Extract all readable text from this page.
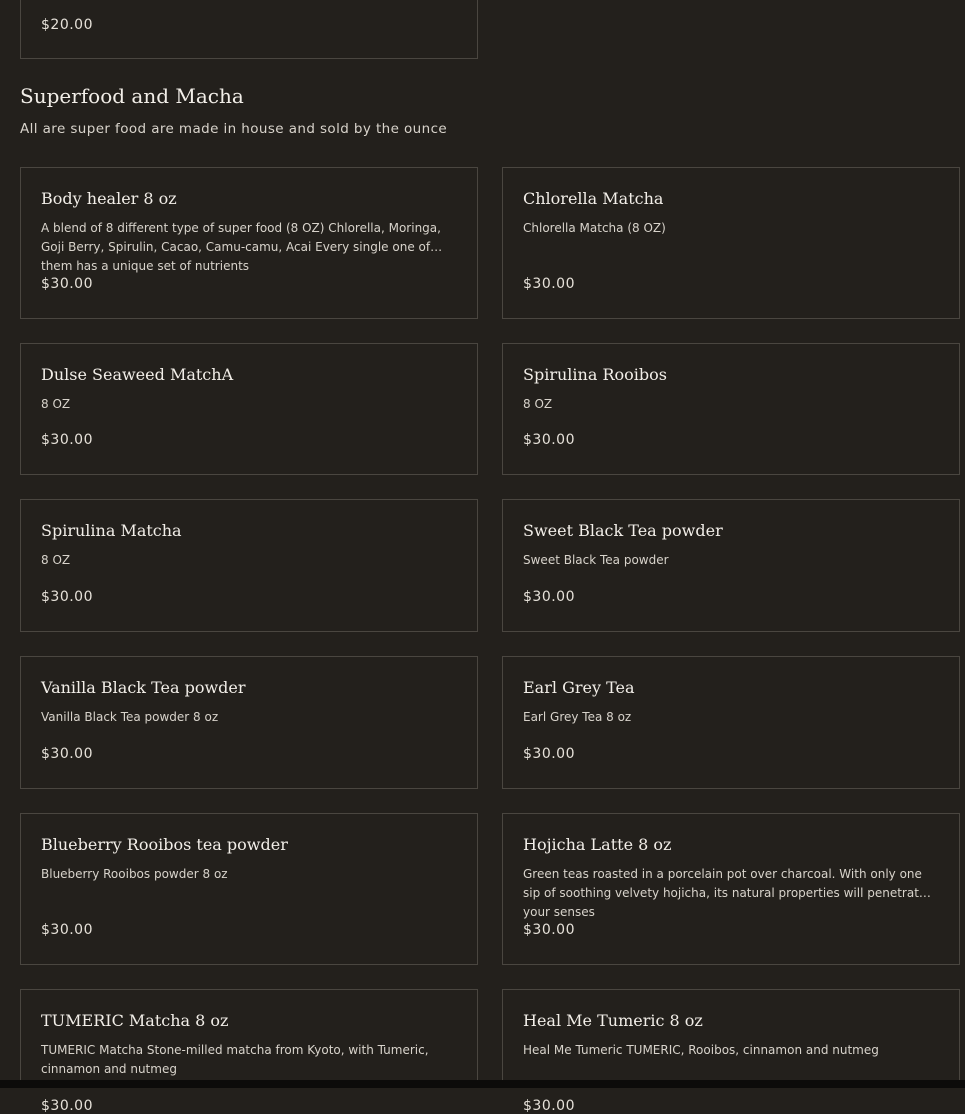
$20.00
Superfood and Macha
All are super food are made in house and sold by the ounce
Body healer 8 oz
A blend of 8 different type of super food (8 OZ) Chlorella, Moringa, Goji Berry, Spirulin, Cacao, Camu-camu, Acai Every single one of them has a unique set of nutrients
$30.00
Chlorella Matcha
Chlorella Matcha (8 OZ)
$30.00
Dulse Seaweed MatchA
8 OZ
$30.00
Spirulina Rooibos
8 OZ
$30.00
Spirulina Matcha
8 OZ
$30.00
Sweet Black Tea powder
Sweet Black Tea powder
$30.00
Vanilla Black Tea powder
Vanilla Black Tea powder 8 oz
$30.00
Earl Grey Tea
Earl Grey Tea 8 oz
$30.00
Blueberry Rooibos tea powder
Blueberry Rooibos powder 8 oz
$30.00
Hojicha Latte 8 oz
Green teas roasted in a porcelain pot over charcoal. With only one sip of soothing velvety hojicha, its natural properties will penetrate your senses
$30.00
TUMERIC Matcha 8 oz
TUMERIC Matcha Stone-milled matcha from Kyoto, with Tumeric, cinnamon and nutmeg
$30.00
Heal Me Tumeric 8 oz
Heal Me Tumeric TUMERIC, Rooibos, cinnamon and nutmeg
$30.00
